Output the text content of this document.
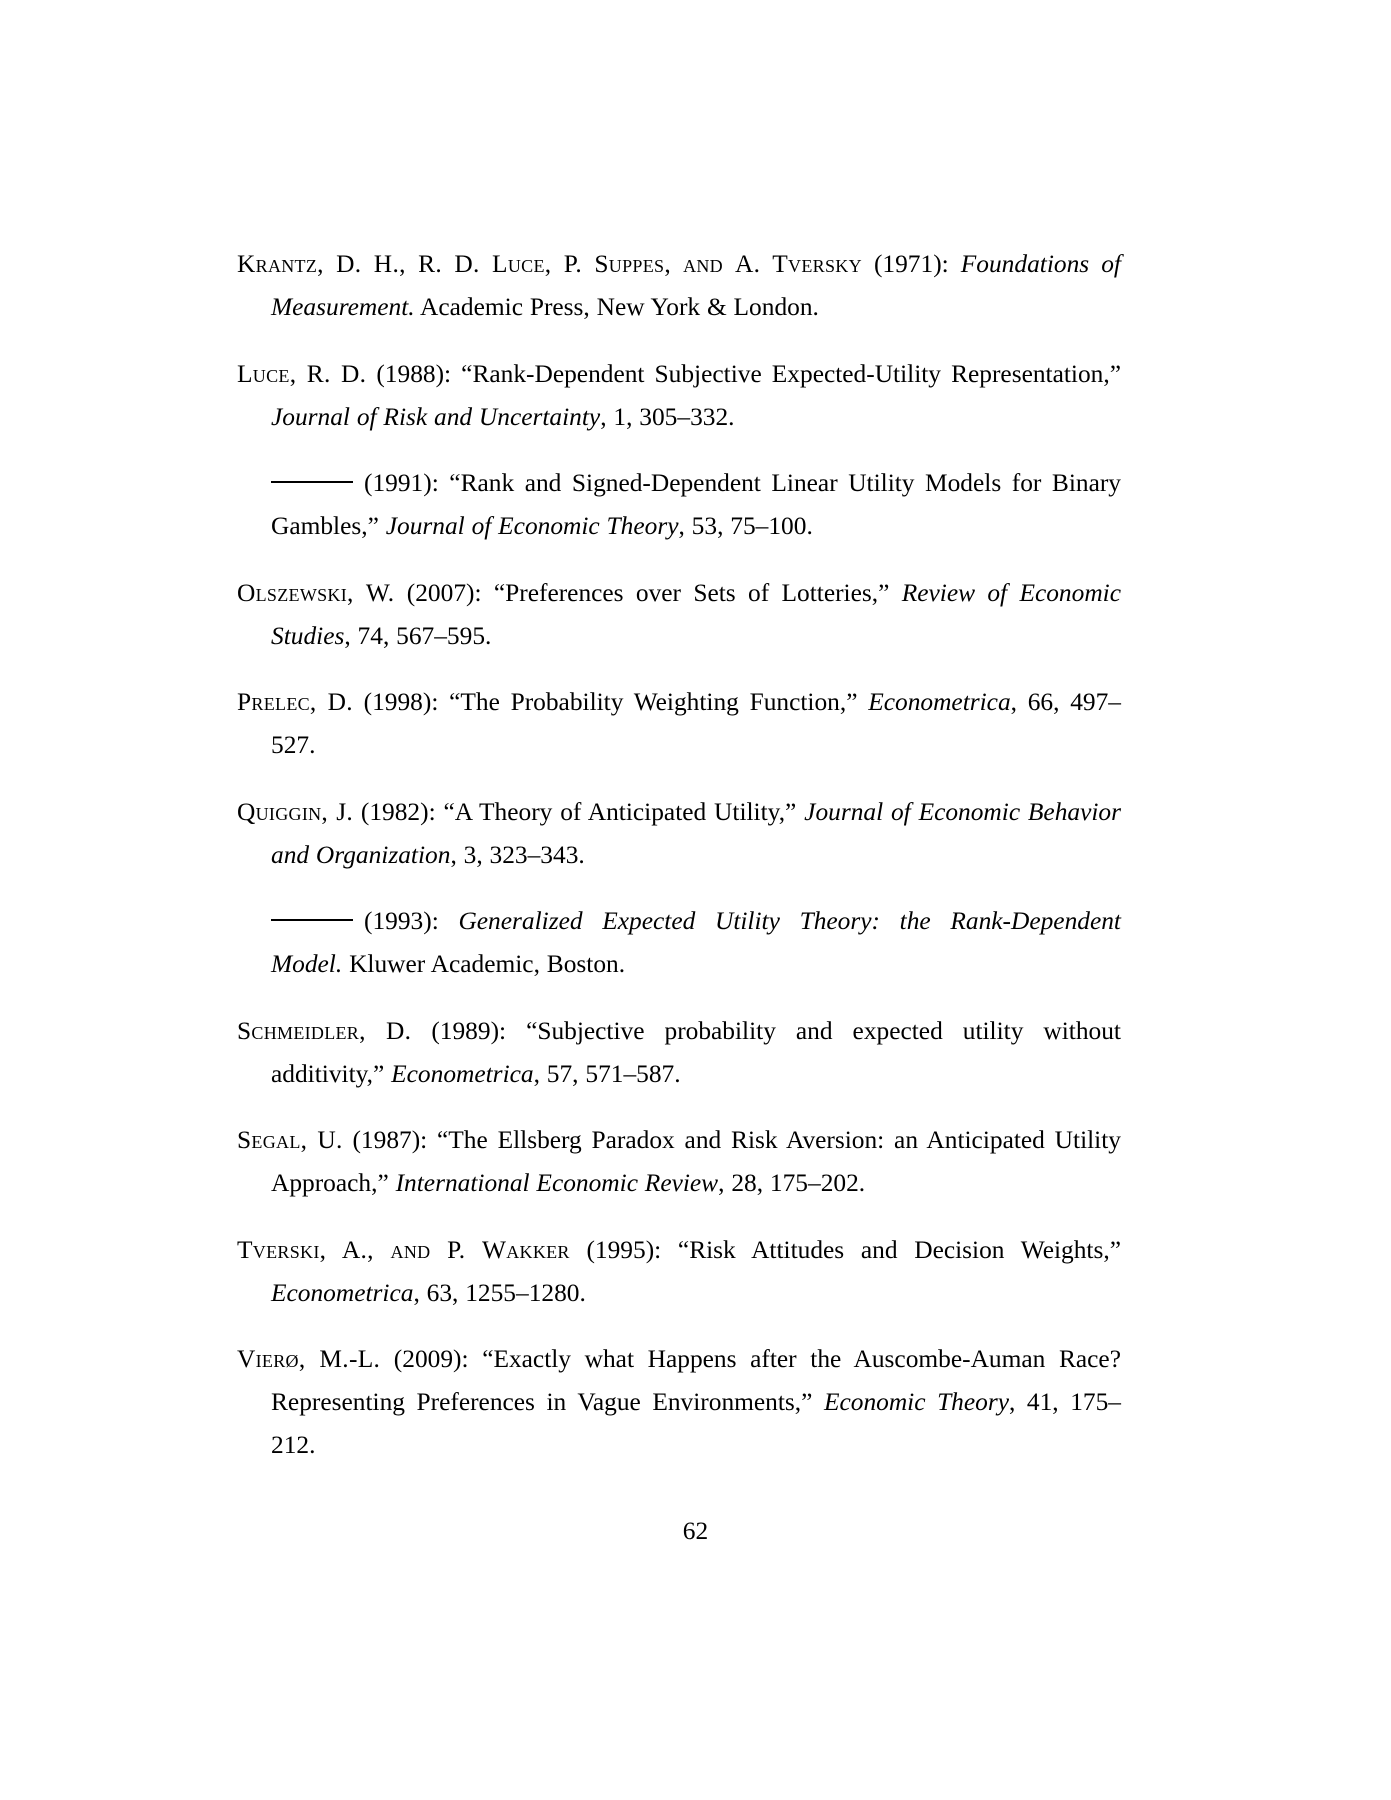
Krantz, D. H., R. D. Luce, P. Suppes, and A. Tversky (1971): Foundations of Measurement. Academic Press, New York & London.
Luce, R. D. (1988): “Rank-Dependent Subjective Expected-Utility Representation,” Journal of Risk and Uncertainty, 1, 305–332.
(1991): “Rank and Signed-Dependent Linear Utility Models for Binary Gambles,” Journal of Economic Theory, 53, 75–100.
Olszewski, W. (2007): “Preferences over Sets of Lotteries,” Review of Economic Studies, 74, 567–595.
Prelec, D. (1998): “The Probability Weighting Function,” Econometrica, 66, 497–527.
Quiggin, J. (1982): “A Theory of Anticipated Utility,” Journal of Economic Behavior and Organization, 3, 323–343.
(1993): Generalized Expected Utility Theory: the Rank-Dependent Model. Kluwer Academic, Boston.
Schmeidler, D. (1989): “Subjective probability and expected utility without additivity,” Econometrica, 57, 571–587.
Segal, U. (1987): “The Ellsberg Paradox and Risk Aversion: an Anticipated Utility Approach,” International Economic Review, 28, 175–202.
Tverski, A., and P. Wakker (1995): “Risk Attitudes and Decision Weights,” Econometrica, 63, 1255–1280.
Vierø, M.-L. (2009): “Exactly what Happens after the Auscombe-Auman Race? Representing Preferences in Vague Environments,” Economic Theory, 41, 175–212.
62
